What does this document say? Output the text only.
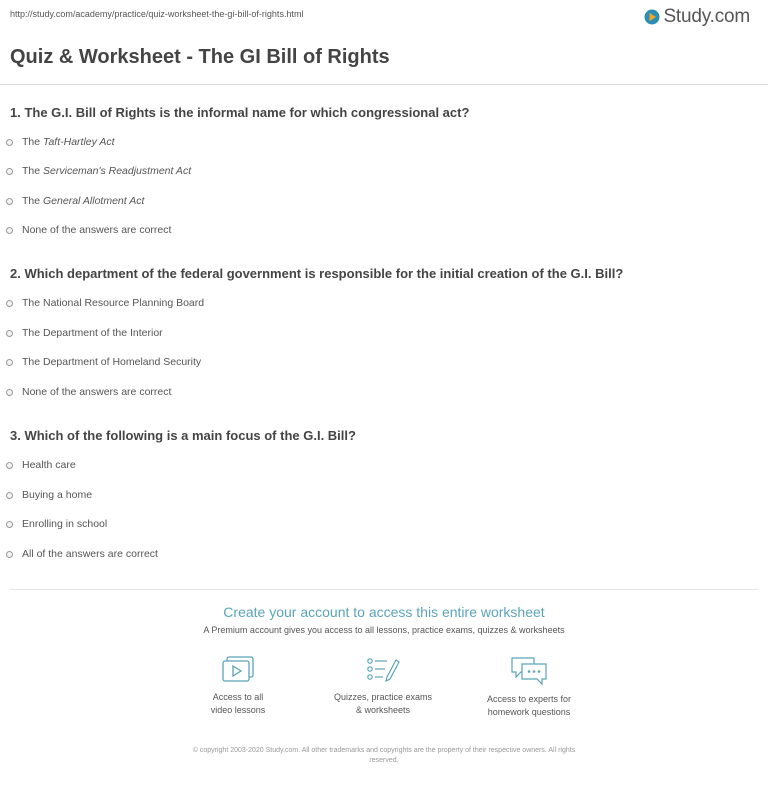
http://study.com/academy/practice/quiz-worksheet-the-gi-bill-of-rights.html	Study.com
Quiz & Worksheet - The GI Bill of Rights

1. The G.I. Bill of Rights is the informal name for which congressional act?

The Taft-Hartley Act
The Serviceman's Readjustment Act
The General Allotment Act
None of the answers are correct

2. Which department of the federal government is responsible for the initial creation of the G.I. Bill?

The National Resource Planning Board
The Department of the Interior
The Department of Homeland Security
None of the answers are correct

3. Which of the following is a main focus of the G.I. Bill?

Health care
Buying a home
Enrolling in school
All of the answers are correct
Create your account to access this entire worksheet
A Premium account gives you access to all lessons, practice exams, quizzes & worksheets
Access to all
video lessons
Quizzes, practice exams
& worksheets
Access to experts for
homework questions
© copyright 2003-2020 Study.com. All other trademarks and copyrights are the property of their respective owners. All rights
reserved.
